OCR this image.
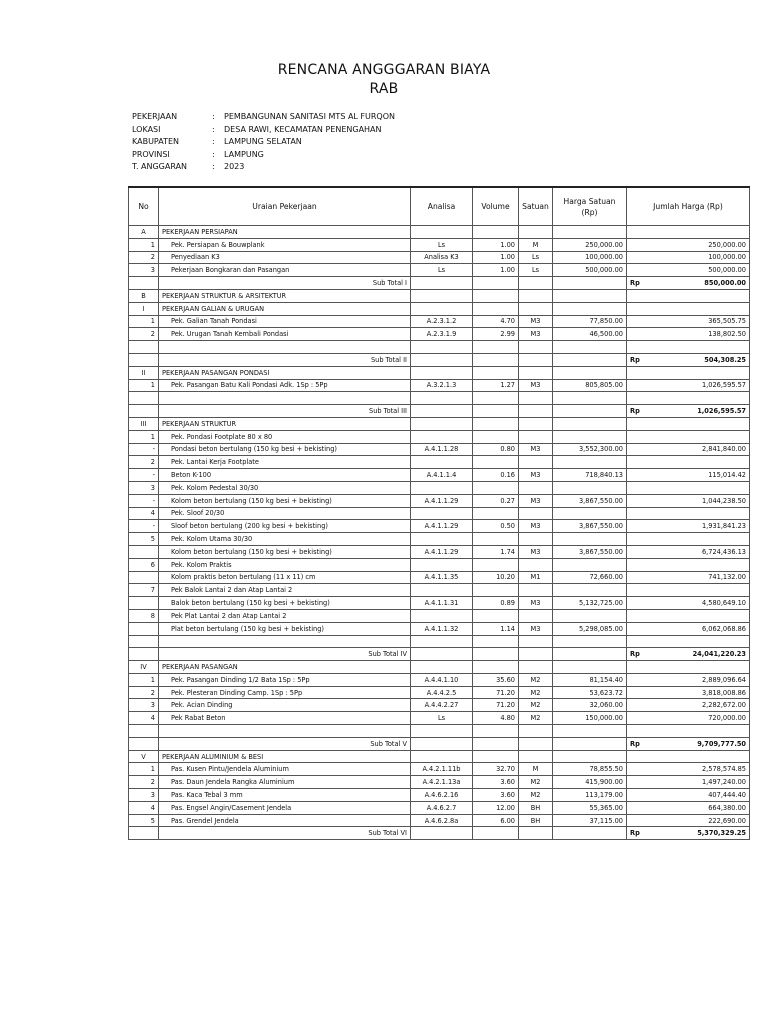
RENCANA ANGGGARAN BIAYA
RAB
PEKERJAAN	:	PEMBANGUNAN SANITASI MTS AL FURQON
LOKASI	:	DESA RAWI, KECAMATAN PENENGAHAN
KABUPATEN	:	LAMPUNG SELATAN
PROVINSI	:	LAMPUNG
T. ANGGARAN	:	2023
No	Uraian Pekerjaan	Analisa	Volume	Satuan	Harga Satuan (Rp)	Jumlah Harga (Rp)
A	PEKERJAAN PERSIAPAN					
1	Pek. Persiapan & Bouwplank	Ls	1.00	M	250,000.00	250,000.00
2	Penyediaan K3	Analisa K3	1.00	Ls	100,000.00	100,000.00
3	Pekerjaan Bongkaran dan Pasangan	Ls	1.00	Ls	500,000.00	500,000.00
	Sub Total I					Rp 850,000.00

B	PEKERJAAN STRUKTUR & ARSITEKTUR					
I	PEKERJAAN GALIAN & URUGAN					
1	Pek. Galian Tanah Pondasi	A.2.3.1.2	4.70	M3	77,850.00	365,505.75
2	Pek. Urugan Tanah Kembali Pondasi	A.2.3.1.9	2.99	M3	46,500.00	138,802.50

	Sub Total II					Rp 504,308.25

II	PEKERJAAN PASANGAN PONDASI					
1	Pek. Pasangan Batu Kali Pondasi Adk. 1Sp : 5Pp	A.3.2.1.3	1.27	M3	805,805.00	1,026,595.57

	Sub Total III					Rp 1,026,595.57

III	PEKERJAAN STRUKTUR					
1	Pek. Pondasi Footplate 80 x 80					
-	Pondasi beton bertulang (150 kg besi + bekisting)	A.4.1.1.28	0.80	M3	3,552,300.00	2,841,840.00
2	Pek. Lantai Kerja Footplate					
-	Beton K-100	A.4.1.1.4	0.16	M3	718,840.13	115,014.42
3	Pek. Kolom Pedestal 30/30					
-	Kolom beton bertulang (150 kg besi + bekisting)	A.4.1.1.29	0.27	M3	3,867,550.00	1,044,238.50
4	Pek. Sloof 20/30					
-	Sloof beton bertulang (200 kg besi + bekisting)	A.4.1.1.29	0.50	M3	3,867,550.00	1,931,841.23
5	Pek. Kolom Utama 30/30					
	Kolom beton bertulang (150 kg besi + bekisting)	A.4.1.1.29	1.74	M3	3,867,550.00	6,724,436.13
6	Pek. Kolom Praktis					
	Kolom praktis beton bertulang (11 x 11) cm	A.4.1.1.35	10.20	M1	72,660.00	741,132.00
7	Pek Balok Lantai 2 dan Atap Lantai 2					
	Balok beton bertulang (150 kg besi + bekisting)	A.4.1.1.31	0.89	M3	5,132,725.00	4,580,649.10
8	Pek Plat Lantai 2 dan Atap Lantai 2					
	Plat beton bertulang (150 kg besi + bekisting)	A.4.1.1.32	1.14	M3	5,298,085.00	6,062,068.86

	Sub Total IV					Rp 24,041,220.23

IV	PEKERJAAN PASANGAN					
1	Pek. Pasangan Dinding 1/2 Bata 1Sp : 5Pp	A.4.4.1.10	35.60	M2	81,154.40	2,889,096.64
2	Pek. Plesteran Dinding Camp. 1Sp : 5Pp	A.4.4.2.5	71.20	M2	53,623.72	3,818,008.86
3	Pek. Acian Dinding	A.4.4.2.27	71.20	M2	32,060.00	2,282,672.00
4	Pek Rabat Beton	Ls	4.80	M2	150,000.00	720,000.00

	Sub Total V					Rp 9,709,777.50

V	PEKERJAAN ALUMINIUM & BESI					
1	Pas. Kusen Pintu/Jendela Aluminium	A.4.2.1.11b	32.70	M	78,855.50	2,578,574.85
2	Pas. Daun Jendela Rangka Aluminium	A.4.2.1.13a	3.60	M2	415,900.00	1,497,240.00
3	Pas. Kaca Tebal 3 mm	A.4.6.2.16	3.60	M2	113,179.00	407,444.40
4	Pas. Engsel Angin/Casement Jendela	A.4.6.2.7	12.00	BH	55,365.00	664,380.00
5	Pas. Grendel Jendela	A.4.6.2.8a	6.00	BH	37,115.00	222,690.00
	Sub Total VI					Rp 5,370,329.25
